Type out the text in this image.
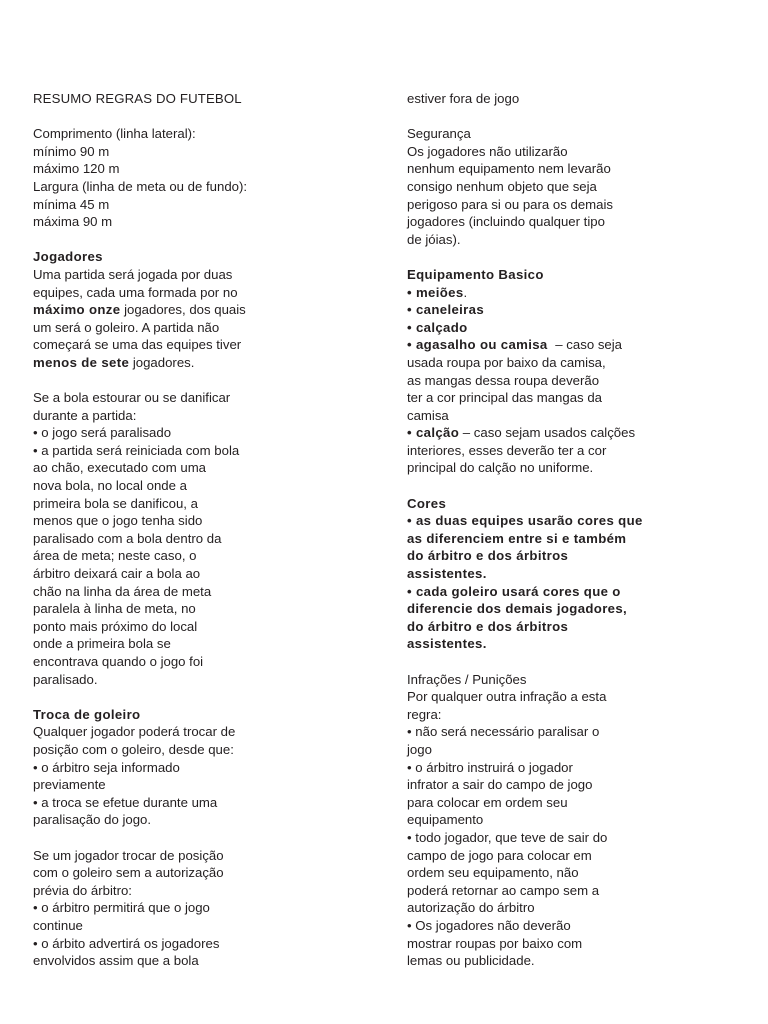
RESUMO REGRAS DO FUTEBOL

Comprimento (linha lateral):
mínimo 90 m
máximo 120 m
Largura (linha de meta ou de fundo):
mínima 45 m
máxima 90 m

Jogadores
Uma partida será jogada por duas
equipes, cada uma formada por no
máximo onze jogadores, dos quais
um será o goleiro. A partida não
começará se uma das equipes tiver
menos de sete jogadores.

Se a bola estourar ou se danificar
durante a partida:
• o jogo será paralisado
• a partida será reiniciada com bola
ao chão, executado com uma
nova bola, no local onde a
primeira bola se danificou, a
menos que o jogo tenha sido
paralisado com a bola dentro da
área de meta; neste caso, o
árbitro deixará cair a bola ao
chão na linha da área de meta
paralela à linha de meta, no
ponto mais próximo do local
onde a primeira bola se
encontrava quando o jogo foi
paralisado.

Troca de goleiro
Qualquer jogador poderá trocar de
posição com o goleiro, desde que:
• o árbitro seja informado
previamente
• a troca se efetue durante uma
paralisação do jogo.

Se um jogador trocar de posição
com o goleiro sem a autorização
prévia do árbitro:
• o árbitro permitirá que o jogo
continue
• o árbito advertirá os jogadores
envolvidos assim que a bola

estiver fora de jogo

Segurança
Os jogadores não utilizarão
nenhum equipamento nem levarão
consigo nenhum objeto que seja
perigoso para si ou para os demais
jogadores (incluindo qualquer tipo
de jóias).

Equipamento Basico
• meiões.
• caneleiras
• calçado
• agasalho ou camisa  – caso seja
usada roupa por baixo da camisa,
as mangas dessa roupa deverão
ter a cor principal das mangas da
camisa
• calção – caso sejam usados calções
interiores, esses deverão ter a cor
principal do calção no uniforme.

Cores
• as duas equipes usarão cores que
as diferenciem entre si e também
do árbitro e dos árbitros
assistentes.
• cada goleiro usará cores que o
diferencie dos demais jogadores,
do árbitro e dos árbitros
assistentes.

Infrações / Punições
Por qualquer outra infração a esta
regra:
• não será necessário paralisar o
jogo
• o árbitro instruirá o jogador
infrator a sair do campo de jogo
para colocar em ordem seu
equipamento
• todo jogador, que teve de sair do
campo de jogo para colocar em
ordem seu equipamento, não
poderá retornar ao campo sem a
autorização do árbitro
• Os jogadores não deverão
mostrar roupas por baixo com
lemas ou publicidade.
